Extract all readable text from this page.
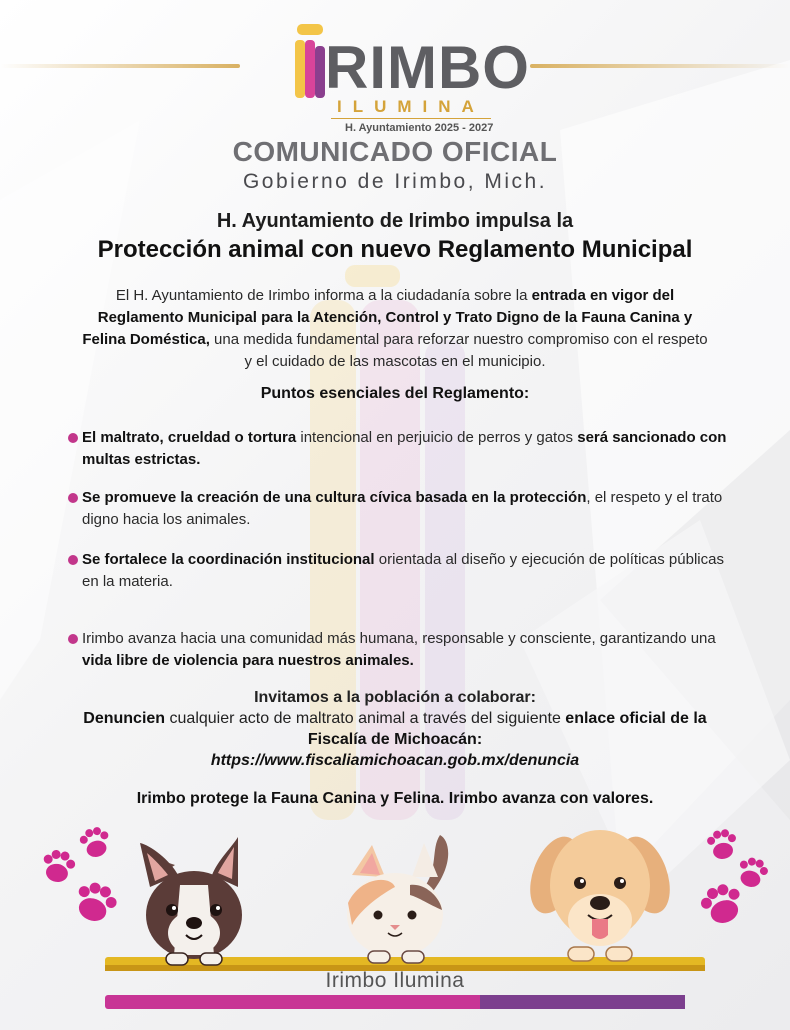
RIMBO
ILUMINA
H. Ayuntamiento 2025 - 2027
COMUNICADO OFICIAL
Gobierno de Irimbo, Mich.
H. Ayuntamiento de Irimbo impulsa la
Protección animal con nuevo Reglamento Municipal
El H. Ayuntamiento de Irimbo informa a la ciudadanía sobre la entrada en vigor del Reglamento Municipal para la Atención, Control y Trato Digno de la Fauna Canina y Felina Doméstica, una medida fundamental para reforzar nuestro compromiso con el respeto y el cuidado de las mascotas en el municipio.
Puntos esenciales del Reglamento:
El maltrato, crueldad o tortura intencional en perjuicio de perros y gatos será sancionado con multas estrictas.
Se promueve la creación de una cultura cívica basada en la protección, el respeto y el trato digno hacia los animales.
Se fortalece la coordinación institucional orientada al diseño y ejecución de políticas públicas en la materia.
Irimbo avanza hacia una comunidad más humana, responsable y consciente, garantizando una vida libre de violencia para nuestros animales.
Invitamos a la población a colaborar:
Denuncien cualquier acto de maltrato animal a través del siguiente enlace oficial de la Fiscalía de Michoacán:
https://www.fiscaliamichoacan.gob.mx/denuncia
Irimbo protege la Fauna Canina y Felina. Irimbo avanza con valores.
Irimbo Ilumina
